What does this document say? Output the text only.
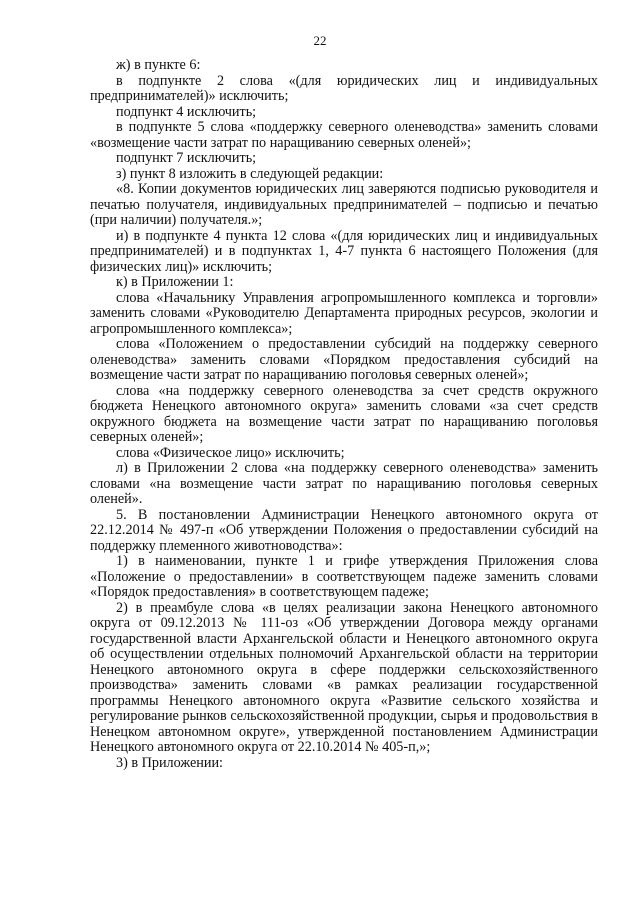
22

ж) в пункте 6:

в подпункте 2 слова «(для юридических лиц и индивидуальных предпринимателей)» исключить;

подпункт 4 исключить;

в подпункте 5 слова «поддержку северного оленеводства» заменить словами «возмещение части затрат по наращиванию северных оленей»;

подпункт 7 исключить;

з) пункт 8 изложить в следующей редакции:

«8. Копии документов юридических лиц заверяются подписью руководителя и печатью получателя, индивидуальных предпринимателей – подписью и печатью (при наличии) получателя.»;

и) в подпункте 4 пункта 12 слова «(для юридических лиц и индивидуальных предпринимателей) и в подпунктах 1, 4-7 пункта 6 настоящего Положения (для физических лиц)» исключить;

к) в Приложении 1:

слова «Начальнику Управления агропромышленного комплекса и торговли» заменить словами «Руководителю Департамента природных ресурсов, экологии и агропромышленного комплекса»;

слова «Положением о предоставлении субсидий на поддержку северного оленеводства» заменить словами «Порядком предоставления субсидий на возмещение части затрат по наращиванию поголовья северных оленей»;

слова «на поддержку северного оленеводства за счет средств окружного бюджета Ненецкого автономного округа» заменить словами «за счет средств окружного бюджета на возмещение части затрат по наращиванию поголовья северных оленей»;

слова «Физическое лицо» исключить;

л) в Приложении 2 слова «на поддержку северного оленеводства» заменить словами «на возмещение части затрат по наращиванию поголовья северных оленей».

5. В постановлении Администрации Ненецкого автономного округа от 22.12.2014 № 497-п «Об утверждении Положения о предоставлении субсидий на поддержку племенного животноводства»:

1) в наименовании, пункте 1 и грифе утверждения Приложения слова «Положение о предоставлении» в соответствующем падеже заменить словами «Порядок предоставления» в соответствующем падеже;

2) в преамбуле слова «в целях реализации закона Ненецкого автономного округа от 09.12.2013 № 111-оз «Об утверждении Договора между органами государственной власти Архангельской области и Ненецкого автономного округа об осуществлении отдельных полномочий Архангельской области на территории Ненецкого автономного округа в сфере поддержки сельскохозяйственного производства» заменить словами «в рамках реализации государственной программы Ненецкого автономного округа «Развитие сельского хозяйства и регулирование рынков сельскохозяйственной продукции, сырья и продовольствия в Ненецком автономном округе», утвержденной постановлением Администрации Ненецкого автономного округа от 22.10.2014 № 405-п,»;

3) в Приложении:
